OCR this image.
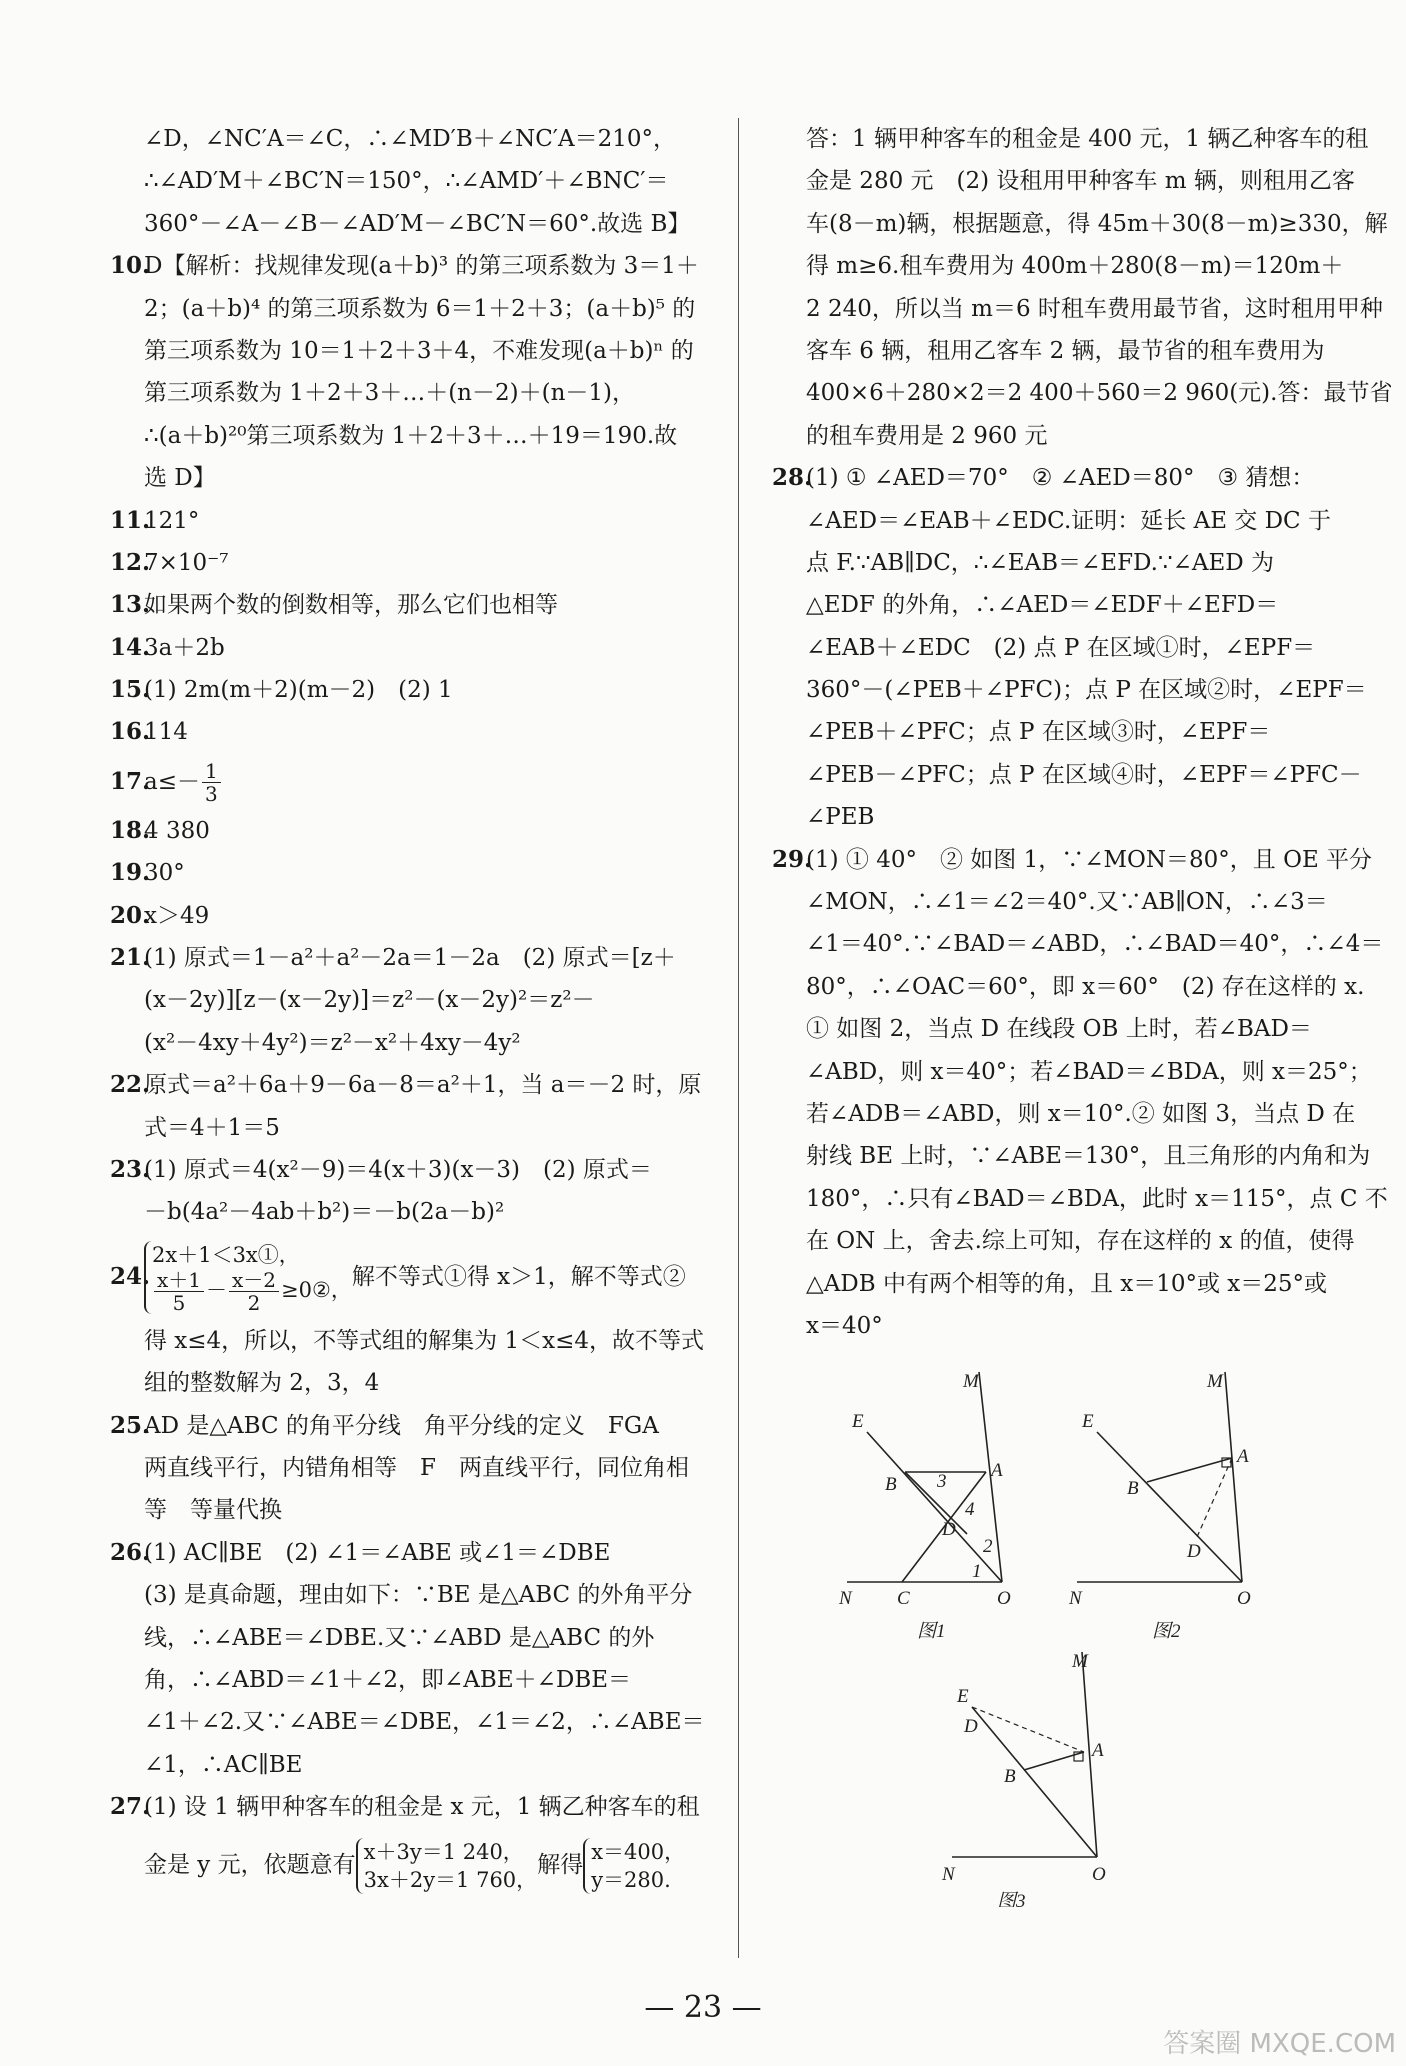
∠D，∠NC′A＝∠C，∴∠MD′B＋∠NC′A＝210°，
∴∠AD′M＋∠BC′N＝150°，∴∠AMD′＋∠BNC′＝
360°－∠A－∠B－∠AD′M－∠BC′N＝60°.故选 B】
10.D【解析：找规律发现(a＋b)³ 的第三项系数为 3＝1＋
2；(a＋b)⁴ 的第三项系数为 6＝1＋2＋3；(a＋b)⁵ 的
第三项系数为 10＝1＋2＋3＋4，不难发现(a＋b)ⁿ 的
第三项系数为 1＋2＋3＋…＋(n－2)＋(n－1)，
∴(a＋b)²⁰第三项系数为 1＋2＋3＋…＋19＝190.故
选 D】
11.121°
12.7×10⁻⁷
13.如果两个数的倒数相等，那么它们也相等
14.3a＋2b
15.(1) 2m(m＋2)(m－2)　(2) 1
16.114
$17.a\le- \frac{1}{3}$
18.4 380
19.30°
20.x＞49
21.(1) 原式＝1－a²＋a²－2a＝1－2a　(2) 原式＝[z＋
(x－2y)][z－(x－2y)]＝z²－(x－2y)²＝z²－
(x²－4xy＋4y²)＝z²－x²＋4xy－4y²
22.原式＝a²＋6a＋9－6a－8＝a²＋1，当 a＝－2 时，原
式＝4＋1＝5
23.(1) 原式＝4(x²－9)＝4(x＋3)(x－3)　(2) 原式＝
－b(4a²－4ab＋b²)＝－b(2a－b)²
24.
2x＋1＜3x①，
$\frac{x+1}{5} - \frac{x-2}{2}$ ≥0②，
解不等式①得 x＞1，解不等式②
得 x≤4，所以，不等式组的解集为 1＜x≤4，故不等式
组的整数解为 2，3，4
25.AD 是△ABC 的角平分线　角平分线的定义　FGA
两直线平行，内错角相等　F　两直线平行，同位角相
等　等量代换
26.(1) AC∥BE　(2) ∠1＝∠ABE 或∠1＝∠DBE
(3) 是真命题，理由如下：∵BE 是△ABC 的外角平分
线，∴∠ABE＝∠DBE.又∵∠ABD 是△ABC 的外
角，∴∠ABD＝∠1＋∠2，即∠ABE＋∠DBE＝
∠1＋∠2.又∵∠ABE＝∠DBE，∠1＝∠2，∴∠ABE＝
∠1，∴AC∥BE
27.(1) 设 1 辆甲种客车的租金是 x 元，1 辆乙种客车的租
金是 y 元，依题意有 x＋3y＝1 240，
3x＋2y＝1 760，
解得 x＝400，
y＝280.
答：1 辆甲种客车的租金是 400 元，1 辆乙种客车的租
金是 280 元　(2) 设租用甲种客车 m 辆，则租用乙客
车(8－m)辆，根据题意，得 45m＋30(8－m)≥330，解
得 m≥6.租车费用为 400m＋280(8－m)＝120m＋
2 240，所以当 m＝6 时租车费用最节省，这时租用甲种
客车 6 辆，租用乙客车 2 辆，最节省的租车费用为
400×6＋280×2＝2 400＋560＝2 960(元).答：最节省
的租车费用是 2 960 元
28.(1) ① ∠AED＝70°　② ∠AED＝80°　③ 猜想：
∠AED＝∠EAB＋∠EDC.证明：延长 AE 交 DC 于
点 F.∵AB∥DC，∴∠EAB＝∠EFD.∵∠AED 为
△EDF 的外角，∴∠AED＝∠EDF＋∠EFD＝
∠EAB＋∠EDC　(2) 点 P 在区域①时，∠EPF＝
360°－(∠PEB＋∠PFC)；点 P 在区域②时，∠EPF＝
∠PEB＋∠PFC；点 P 在区域③时，∠EPF＝
∠PEB－∠PFC；点 P 在区域④时，∠EPF＝∠PFC－
∠PEB
29.(1) ① 40°　② 如图 1，∵∠MON＝80°，且 OE 平分
∠MON，∴∠1＝∠2＝40°.又∵AB∥ON，∴∠3＝
∠1＝40°.∵∠BAD＝∠ABD，∴∠BAD＝40°，∴∠4＝
80°，∴∠OAC＝60°，即 x＝60°　(2) 存在这样的 x.
① 如图 2，当点 D 在线段 OB 上时，若∠BAD＝
∠ABD，则 x＝40°；若∠BAD＝∠BDA，则 x＝25°；
若∠ADB＝∠ABD，则 x＝10°.② 如图 3，当点 D 在
射线 BE 上时，∵∠ABE＝130°，且三角形的内角和为
180°，∴只有∠BAD＝∠BDA，此时 x＝115°，点 C 不
在 ON 上，舍去.综上可知，存在这样的 x 的值，使得
△ADB 中有两个相等的角，且 x＝10°或 x＝25°或
x＝40°
M
E
A
B
D
N C	O
1
2
3
4
图1
M
E
A
B
D
N	O
图2
M
E
D
A
B
N	O
图3
— 23 —
答案圈 MXQE.COM
